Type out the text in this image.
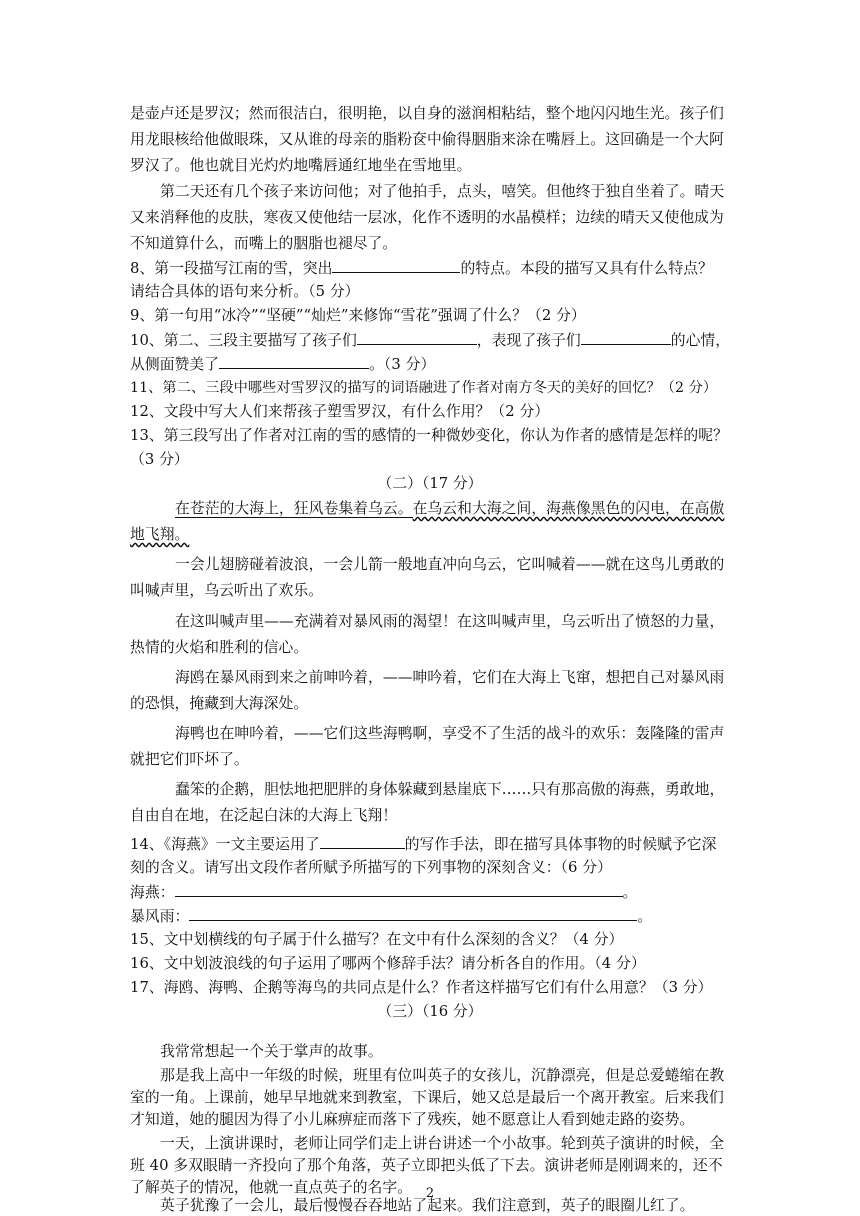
是壶卢还是罗汉；然而很洁白，很明艳，以自身的滋润相粘结，整个地闪闪地生光。孩子们
用龙眼核给他做眼珠，又从谁的母亲的脂粉奁中偷得胭脂来涂在嘴唇上。这回确是一个大阿
罗汉了。他也就目光灼灼地嘴唇通红地坐在雪地里。
第二天还有几个孩子来访问他；对了他拍手，点头，嘻笑。但他终于独自坐着了。晴天
又来消释他的皮肤，寒夜又使他结一层冰，化作不透明的水晶模样；边续的晴天又使他成为
不知道算什么，而嘴上的胭脂也褪尽了。
8、第一段描写江南的雪，突出	的特点。本段的描写又具有什么特点？
请结合具体的语句来分析。（5 分）
9、第一句用“冰冷”“坚硬”“灿烂”来修饰“雪花”强调了什么？（2 分）
10、第二、三段主要描写了孩子们	，表现了孩子们	的心情，
从侧面赞美了	。（3 分）
11、第二、三段中哪些对雪罗汉的描写的词语融进了作者对南方冬天的美好的回忆？（2 分）
12、文段中写大人们来帮孩子塑雪罗汉，有什么作用？（2 分）
13、第三段写出了作者对江南的雪的感情的一种微妙变化，你认为作者的感情是怎样的呢？
（3 分）
（二）（17 分）
在苍茫的大海上，狂风卷集着乌云。在乌云和大海之间，海燕像黑色的闪电，在高傲
地飞翔。
一会儿翅膀碰着波浪，一会儿箭一般地直冲向乌云，它叫喊着——就在这鸟儿勇敢的
叫喊声里，乌云听出了欢乐。
在这叫喊声里——充满着对暴风雨的渴望！在这叫喊声里，乌云听出了愤怒的力量，
热情的火焰和胜利的信心。
海鸥在暴风雨到来之前呻吟着，——呻吟着，它们在大海上飞窜，想把自己对暴风雨
的恐惧，掩藏到大海深处。
海鸭也在呻吟着，——它们这些海鸭啊，享受不了生活的战斗的欢乐：轰隆隆的雷声
就把它们吓坏了。
蠢笨的企鹅，胆怯地把肥胖的身体躲藏到悬崖底下……只有那高傲的海燕，勇敢地，
自由自在地，在泛起白沫的大海上飞翔！
14、《海燕》一文主要运用了	的写作手法，即在描写具体事物的时候赋予它深
刻的含义。请写出文段作者所赋予所描写的下列事物的深刻含义：（6 分）
海燕：	。
暴风雨：	。
15、文中划横线的句子属于什么描写？在文中有什么深刻的含义？（4 分）
16、文中划波浪线的句子运用了哪两个修辞手法？请分析各自的作用。（4 分）
17、海鸥、海鸭、企鹅等海鸟的共同点是什么？作者这样描写它们有什么用意？（3 分）
（三）（16 分）
我常常想起一个关于掌声的故事。
那是我上高中一年级的时候，班里有位叫英子的女孩儿，沉静漂亮，但是总爱蜷缩在教
室的一角。上课前，她早早地就来到教室，下课后，她又总是最后一个离开教室。后来我们
才知道，她的腿因为得了小儿麻痹症而落下了残疾，她不愿意让人看到她走路的姿势。
一天，上演讲课时，老师让同学们走上讲台讲述一个小故事。轮到英子演讲的时候，全
班 40 多双眼睛一齐投向了那个角落，英子立即把头低了下去。演讲老师是刚调来的，还不
了解英子的情况，他就一直点英子的名字。
英子犹豫了一会儿，最后慢慢吞吞地站了起来。我们注意到，英子的眼圈儿红了。
2
